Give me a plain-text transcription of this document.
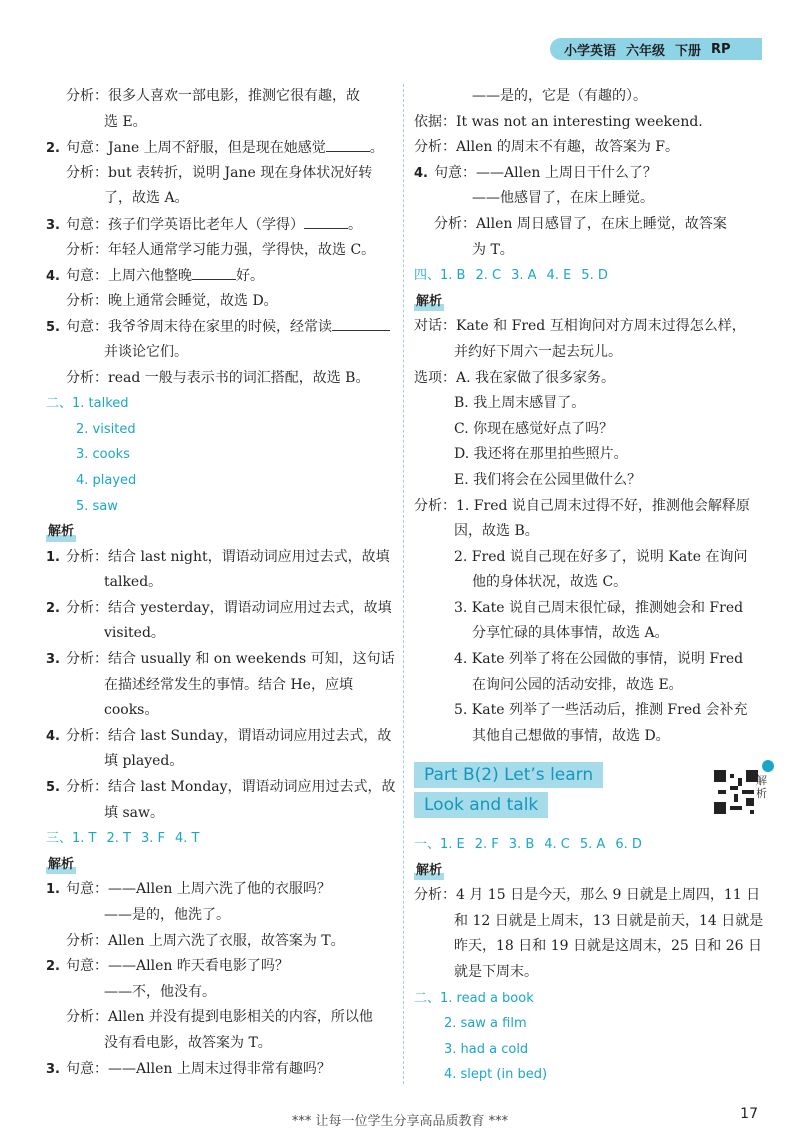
小学英语 六年级 下册 RP
分析：很多人喜欢一部电影，推测它很有趣，故
选 E。
2. 句意：Jane 上周不舒服，但是现在她感觉	。
分析：but 表转折，说明 Jane 现在身体状况好转
了，故选 A。
3. 句意：孩子们学英语比老年人（学得）	。
分析：年轻人通常学习能力强，学得快，故选 C。
4. 句意：上周六他整晚	好。
分析：晚上通常会睡觉，故选 D。
5. 句意：我爷爷周末待在家里的时候，经常读
并谈论它们。
分析：read 一般与表示书的词汇搭配，故选 B。
二、1. talked
2. visited
3. cooks
4. played
5. saw
解析
1. 分析：结合 last night，谓语动词应用过去式，故填
talked。
2. 分析：结合 yesterday，谓语动词应用过去式，故填
visited。
3. 分析：结合 usually 和 on weekends 可知，这句话
在描述经常发生的事情。结合 He，应填
cooks。
4. 分析：结合 last Sunday，谓语动词应用过去式，故
填 played。
5. 分析：结合 last Monday，谓语动词应用过去式，故
填 saw。
三、1. T 2. T 3. F 4. T
解析
1. 句意：——Allen 上周六洗了他的衣服吗？
——是的，他洗了。
分析：Allen 上周六洗了衣服，故答案为 T。
2. 句意：——Allen 昨天看电影了吗？
——不，他没有。
分析：Allen 并没有提到电影相关的内容，所以他
没有看电影，故答案为 T。
3. 句意：——Allen 上周末过得非常有趣吗？
——是的，它是（有趣的）。
依据：It was not an interesting weekend.
分析：Allen 的周末不有趣，故答案为 F。
4. 句意：——Allen 上周日干什么了？
——他感冒了，在床上睡觉。
分析：Allen 周日感冒了，在床上睡觉，故答案
为 T。
四、1. B 2. C 3. A 4. E 5. D
解析
对话：Kate 和 Fred 互相询问对方周末过得怎么样，
并约好下周六一起去玩儿。
选项：A. 我在家做了很多家务。
B. 我上周末感冒了。
C. 你现在感觉好点了吗？
D. 我还将在那里拍些照片。
E. 我们将会在公园里做什么？
分析：1. Fred 说自己周末过得不好，推测他会解释原
因，故选 B。
2. Fred 说自己现在好多了，说明 Kate 在询问
他的身体状况，故选 C。
3. Kate 说自己周末很忙碌，推测她会和 Fred
分享忙碌的具体事情，故选 A。
4. Kate 列举了将在公园做的事情，说明 Fred
在询问公园的活动安排，故选 E。
5. Kate 列举了一些活动后，推测 Fred 会补充
其他自己想做的事情，故选 D。
Part B(2) Let’s learn
Look and talk
解析
一、1. E 2. F 3. B 4. C 5. A 6. D
解析
分析：4 月 15 日是今天，那么 9 日就是上周四，11 日
和 12 日就是上周末，13 日就是前天，14 日就是
昨天，18 日和 19 日就是这周末，25 日和 26 日
就是下周末。
二、1. read a book
2. saw a film
3. had a cold
4. slept (in bed)
*** 让每一位学生分享高品质教育 ***	17
